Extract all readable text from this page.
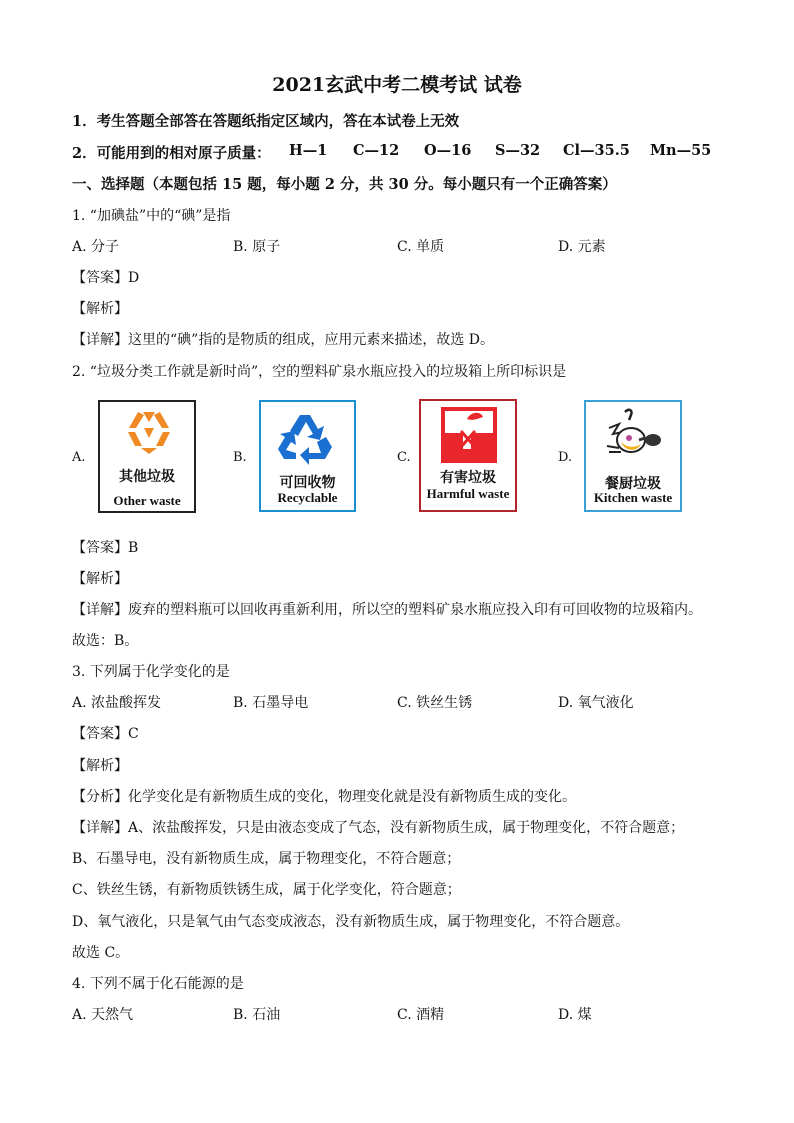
2021玄武中考二模考试 试卷
1．考生答题全部答在答题纸指定区域内，答在本试卷上无效
2．可能用到的相对原子质量： H—1 C—12 O—16 S—32 Cl—35.5 Mn—55
一、选择题（本题包括 15 题，每小题 2 分，共 30 分。每小题只有一个正确答案）
1. “加碘盐”中的“碘”是指
A. 分子	B. 原子	C. 单质	D. 元素
【答案】D
【解析】
【详解】这里的“碘”指的是物质的组成，应用元素来描述，故选 D。
2. “垃圾分类工作就是新时尚”，空的塑料矿泉水瓶应投入的垃圾箱上所印标识是
A.	B.	C.	D.
其他垃圾
Other waste
可回收物
Recyclable
有害垃圾
Harmful waste
餐厨垃圾
Kitchen waste
【答案】B
【解析】
【详解】废弃的塑料瓶可以回收再重新利用，所以空的塑料矿泉水瓶应投入印有可回收物的垃圾箱内。
故选：B。
3. 下列属于化学变化的是
A. 浓盐酸挥发	B. 石墨导电	C. 铁丝生锈	D. 氧气液化
【答案】C
【解析】
【分析】化学变化是有新物质生成的变化，物理变化就是没有新物质生成的变化。
【详解】A、浓盐酸挥发，只是由液态变成了气态，没有新物质生成，属于物理变化，不符合题意；
B、石墨导电，没有新物质生成，属于物理变化，不符合题意；
C、铁丝生锈，有新物质铁锈生成，属于化学变化，符合题意；
D、氧气液化，只是氧气由气态变成液态，没有新物质生成，属于物理变化，不符合题意。
故选 C。
4. 下列不属于化石能源的是
A. 天然气	B. 石油	C. 酒精	D. 煤
